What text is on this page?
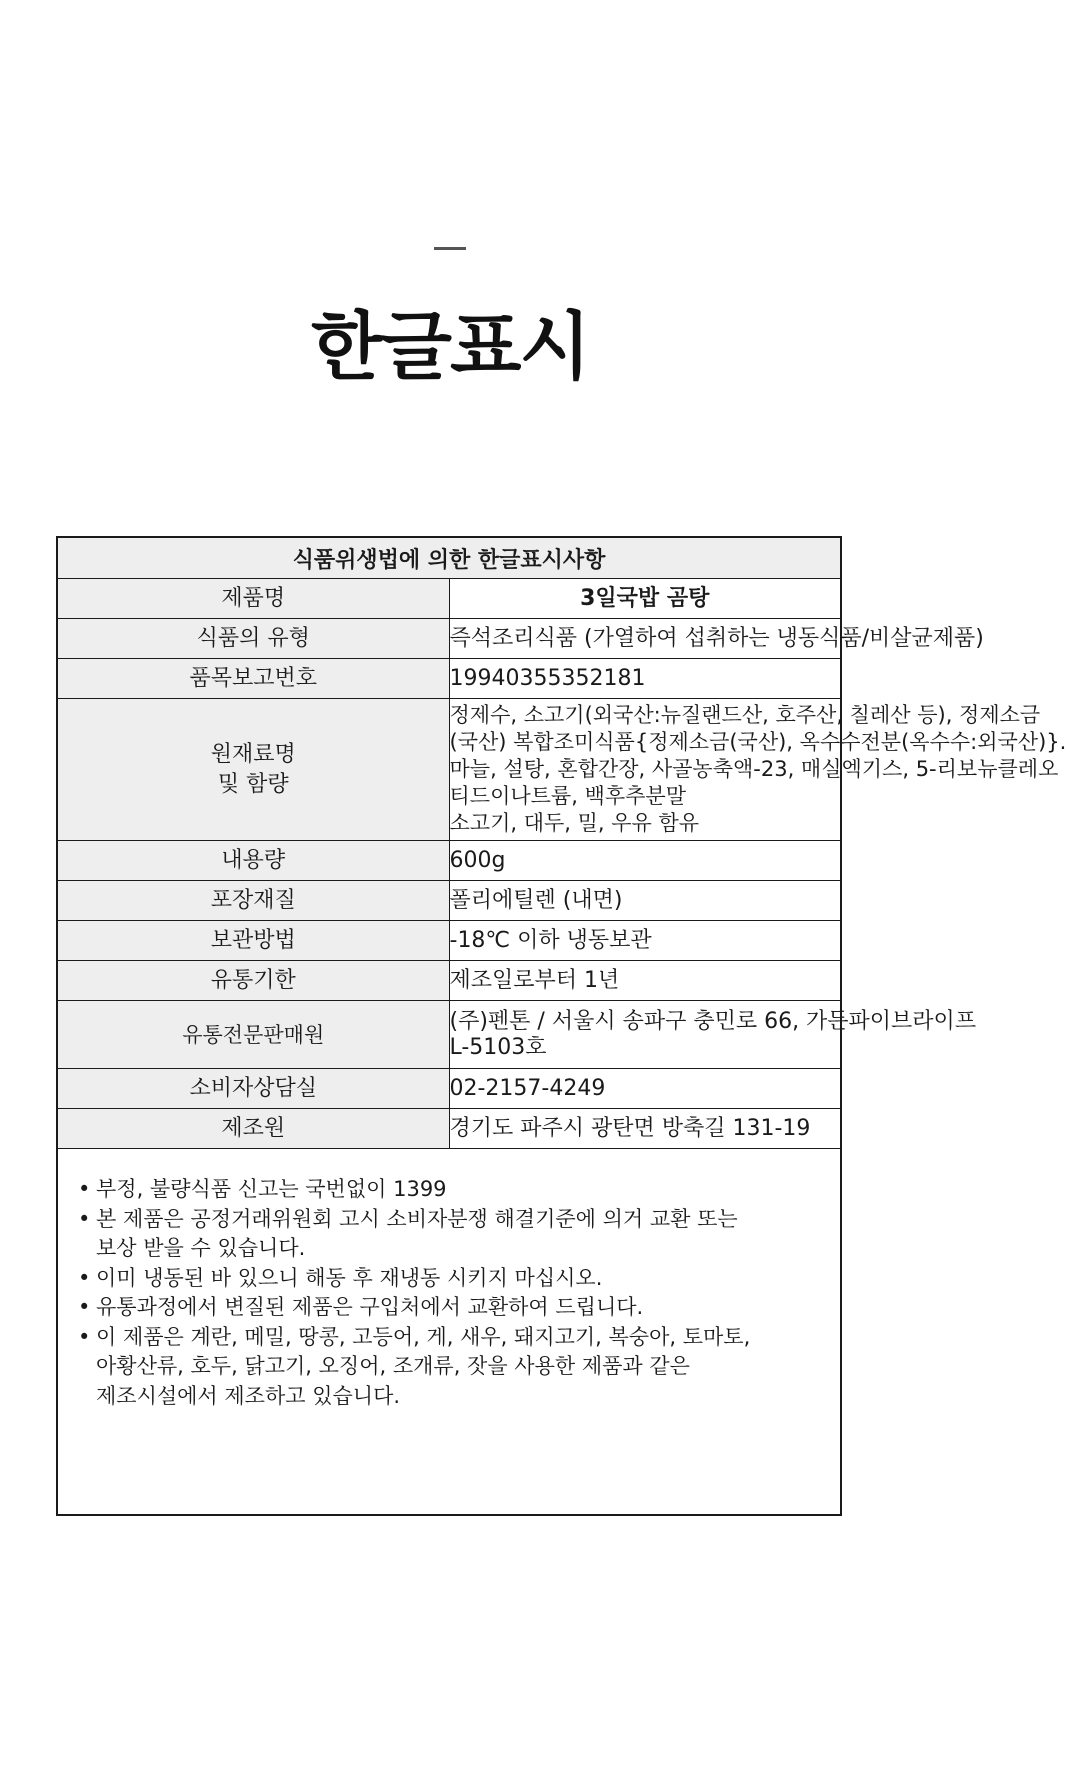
한글표시
식품위생법에 의한 한글표시사항	
제품명	3일국밥 곰탕

식품의 유형	즉석조리식품 (가열하여 섭취하는 냉동식품/비살균제품)

품목보고번호	19940355352181

원재료명
및 함량	정제수, 소고기(외국산:뉴질랜드산, 호주산, 칠레산 등), 정제소금
(국산) 복합조미식품{정제소금(국산), 옥수수전분(옥수수:외국산)}.
마늘, 설탕, 혼합간장, 사골농축액-23, 매실엑기스, 5-리보뉴클레오
티드이나트륨, 백후추분말
소고기, 대두, 밀, 우유 함유

내용량	600g

포장재질	폴리에틸렌 (내면)

보관방법	-18℃ 이하 냉동보관

유통기한	제조일로부터 1년

유통전문판매원	(주)펜톤 / 서울시 송파구 충민로 66, 가든파이브라이프
L-5103호

소비자상담실	02-2157-4249

제조원	경기도 파주시 광탄면 방축길 131-19
• 부정, 불량식품 신고는 국번없이 1399
• 본 제품은 공정거래위원회 고시 소비자분쟁 해결기준에 의거 교환 또는
보상 받을 수 있습니다.
• 이미 냉동된 바 있으니 해동 후 재냉동 시키지 마십시오.
• 유통과정에서 변질된 제품은 구입처에서 교환하여 드립니다.
• 이 제품은 계란, 메밀, 땅콩, 고등어, 게, 새우, 돼지고기, 복숭아, 토마토,
아황산류, 호두, 닭고기, 오징어, 조개류, 잣을 사용한 제품과 같은
제조시설에서 제조하고 있습니다.
